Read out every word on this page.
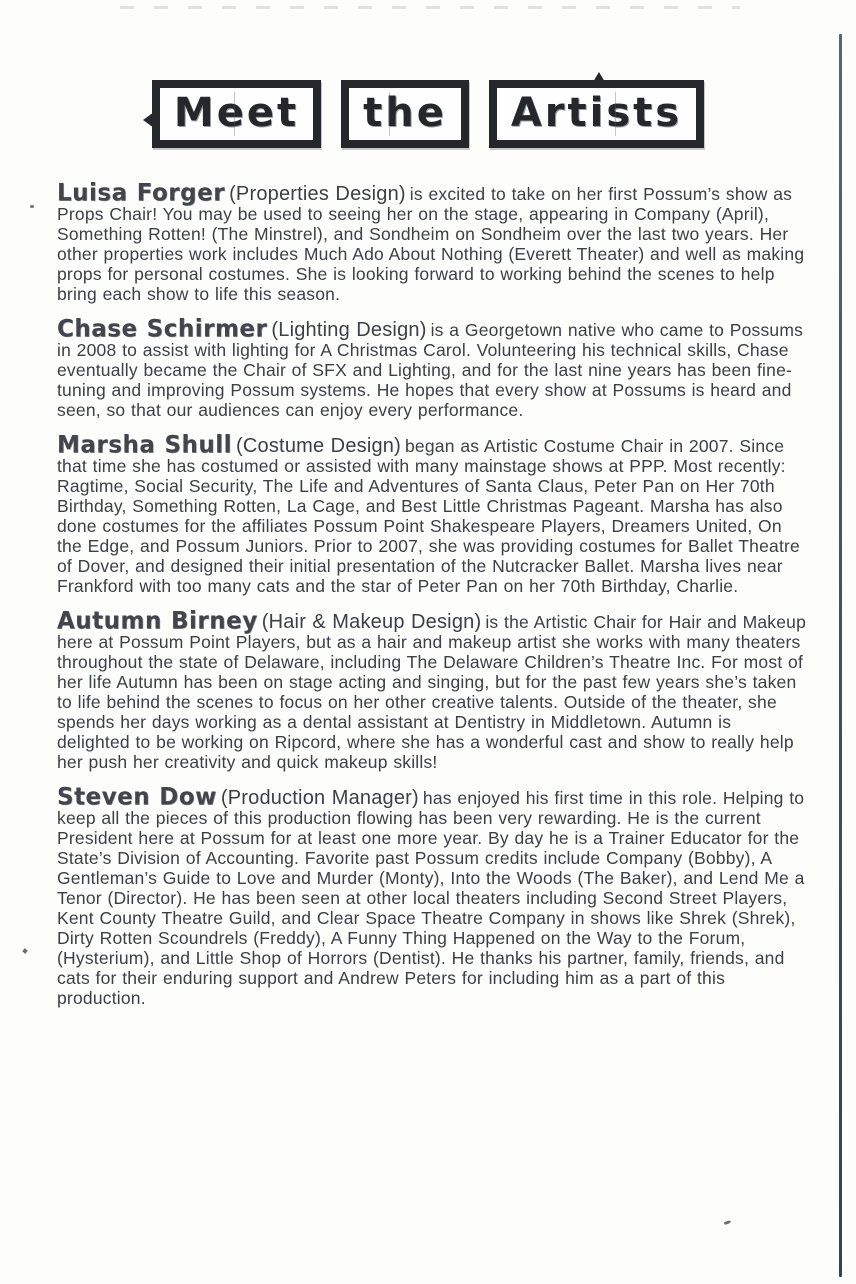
Meet	the	Artists

Luisa Forger (Properties Design) is excited to take on her first Possum’s show as Props Chair! You may be used to seeing her on the stage, appearing in Company (April), Something Rotten! (The Minstrel), and Sondheim on Sondheim over the last two years. Her other properties work includes Much Ado About Nothing (Everett Theater) and well as making props for personal costumes. She is looking forward to working behind the scenes to help bring each show to life this season.

Chase Schirmer (Lighting Design) is a Georgetown native who came to Possums in 2008 to assist with lighting for A Christmas Carol. Volunteering his technical skills, Chase eventually became the Chair of SFX and Lighting, and for the last nine years has been fine-tuning and improving Possum systems. He hopes that every show at Possums is heard and seen, so that our audiences can enjoy every performance.

Marsha Shull (Costume Design) began as Artistic Costume Chair in 2007. Since that time she has costumed or assisted with many mainstage shows at PPP. Most recently: Ragtime, Social Security, The Life and Adventures of Santa Claus, Peter Pan on Her 70th Birthday, Something Rotten, La Cage, and Best Little Christmas Pageant. Marsha has also done costumes for the affiliates Possum Point Shakespeare Players, Dreamers United, On the Edge, and Possum Juniors. Prior to 2007, she was providing costumes for Ballet Theatre of Dover, and designed their initial presentation of the Nutcracker Ballet. Marsha lives near Frankford with too many cats and the star of Peter Pan on her 70th Birthday, Charlie.

Autumn Birney (Hair & Makeup Design) is the Artistic Chair for Hair and Makeup here at Possum Point Players, but as a hair and makeup artist she works with many theaters throughout the state of Delaware, including The Delaware Children’s Theatre Inc. For most of her life Autumn has been on stage acting and singing, but for the past few years she’s taken to life behind the scenes to focus on her other creative talents. Outside of the theater, she spends her days working as a dental assistant at Dentistry in Middletown. Autumn is delighted to be working on Ripcord, where she has a wonderful cast and show to really help her push her creativity and quick makeup skills!

Steven Dow (Production Manager) has enjoyed his first time in this role. Helping to keep all the pieces of this production flowing has been very rewarding. He is the current President here at Possum for at least one more year. By day he is a Trainer Educator for the State’s Division of Accounting. Favorite past Possum credits include Company (Bobby), A Gentleman’s Guide to Love and Murder (Monty), Into the Woods (The Baker), and Lend Me a Tenor (Director). He has been seen at other local theaters including Second Street Players, Kent County Theatre Guild, and Clear Space Theatre Company in shows like Shrek (Shrek), Dirty Rotten Scoundrels (Freddy), A Funny Thing Happened on the Way to the Forum, (Hysterium), and Little Shop of Horrors (Dentist). He thanks his partner, family, friends, and cats for their enduring support and Andrew Peters for including him as a part of this production.
